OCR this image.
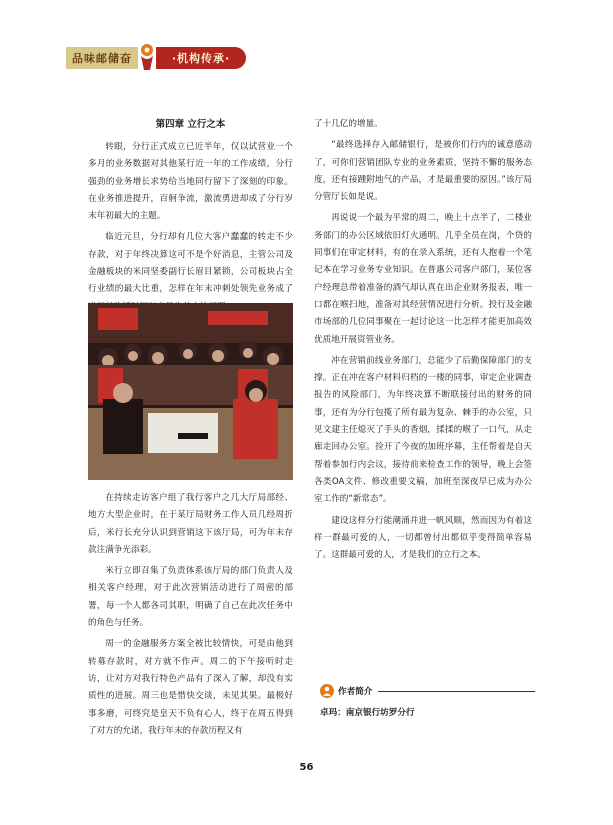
品味邮储奋	·机构传承·
第四章 立行之本

转眼，分行正式成立已近半年，仅以试营业一个多月的业务数据对其他某行近一年的工作成绩，分行强劲的业务增长求势给当地同行留下了深刻的印象。在业务推进提升，百舸争流，激流勇进却成了分行岁末年初最大的主题。

临近元旦，分行却有几位大客户蠢蠢的转走不少存款，对于年终决算这可不是个好消息，主管公司及金融板块的米同坚委副行长眉目紧锁，公司板块占全行业绩的最大比重，怎样在年末冲刺处领先业务成了

在持续走访客户组了我行客户之几大厅局部经、地方大型企业时，在于某厅局财务工作人员几经周折后，米行长充分认识到营销这下该厅局，可为年末存款注满争光添彩。

米行立即召集了负责体系该厅局的部门负责人及相关客户经理，对于此次营销活动进行了周密的部署，每一个人都各司其职，明确了自己在此次任务中的角色与任务。

周一的金融服务方案全被比较情快，可是由他到转募存款时，对方就不作声。周二的下午接听时走访，让对方对我行特色产品有了深入了解，却没有实质性的进展。周三也是惜快交谈，未见其果。最极好事多磨，可终究是皇天不负有心人，终于在周五得到了对方的允诺，我行年末的存款历程又有

了十几亿的增量。

“最终选择存入邮储银行，是被你们行内的诚意感动了，可你们营销团队专业的业务素质，坚持不懈的服务态度，还有接踵附地气的产品，才是最重要的原因。”该厅局分管厅长如是说。

再说说一个最为平常的周二，晚上十点半了，二楼业务部门的办公区域依旧灯火通明。几乎全员在岗，个贷的同事们在审定材料，有的在录入系统，还有人抱着一个笔记本在学习业务专业知识。在普惠公司客户部门，某位客户经理总带着准备的酒气却认真在出企业财务报表，唯一口都在喉扫地，准备对其经营情况进行分析。投行及金融市场部的几位同事聚在一起讨论这一比怎样才能更加高效优质地开展资管业务。

冲在营销前线业务部门，总能少了后勤保障部门的支撑。正在冲在客户材料归档的一楼的同事，审定企业调查报告的风险部门，为年终决算不断联接付出的财务的同事，还有为分行包揽了所有最为复杂、棘手的办公室，只见文建主任熄灭了手头的香烟，揉揉的喉了一口气，从走廊走回办公室。捡开了今夜的加班序幕，主任帮着是自天帮着参加行内会议，接待前来检查工作的领导，晚上会签各类OA文件、修改重要文稿，加班至深夜早已成为办公室工作的“新常态”。

建设这样分行能潮涌并进一帆风顺，然而因为有着这样一群最可爱的人，一切都曾付出都似乎变得简单容易了。这群最可爱的人，才是我们的立行之本。

作者简介
卓玛：南京银行坊罗分行
56
